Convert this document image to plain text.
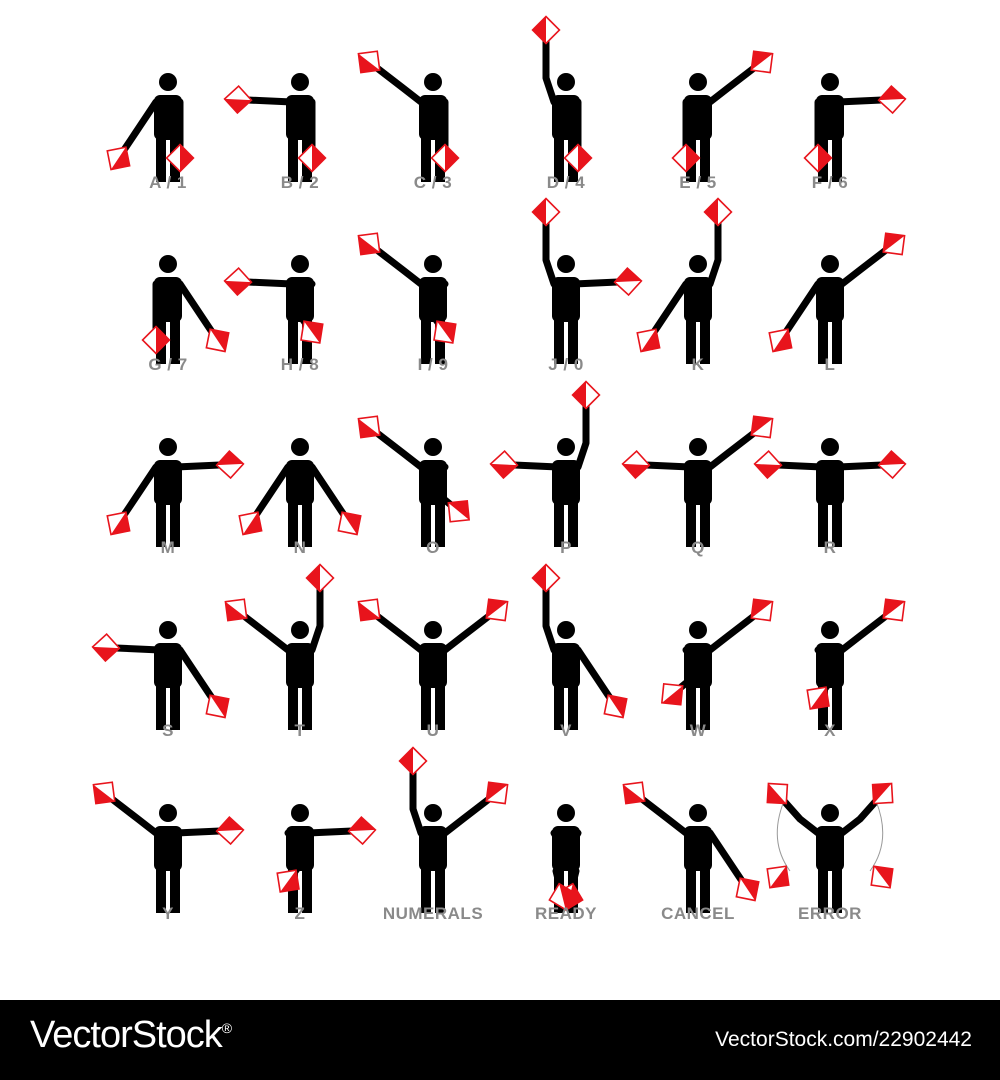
A / 1	B / 2	C / 3	D / 4	E / 5	F / 6
G / 7	H / 8	I / 9	J / 0	K	L
M	N	O	P	Q	R
S	T	U	V	W	X
Y	Z	NUMERALS	READY	CANCEL	ERROR
VectorStock®	VectorStock.com/22902442
